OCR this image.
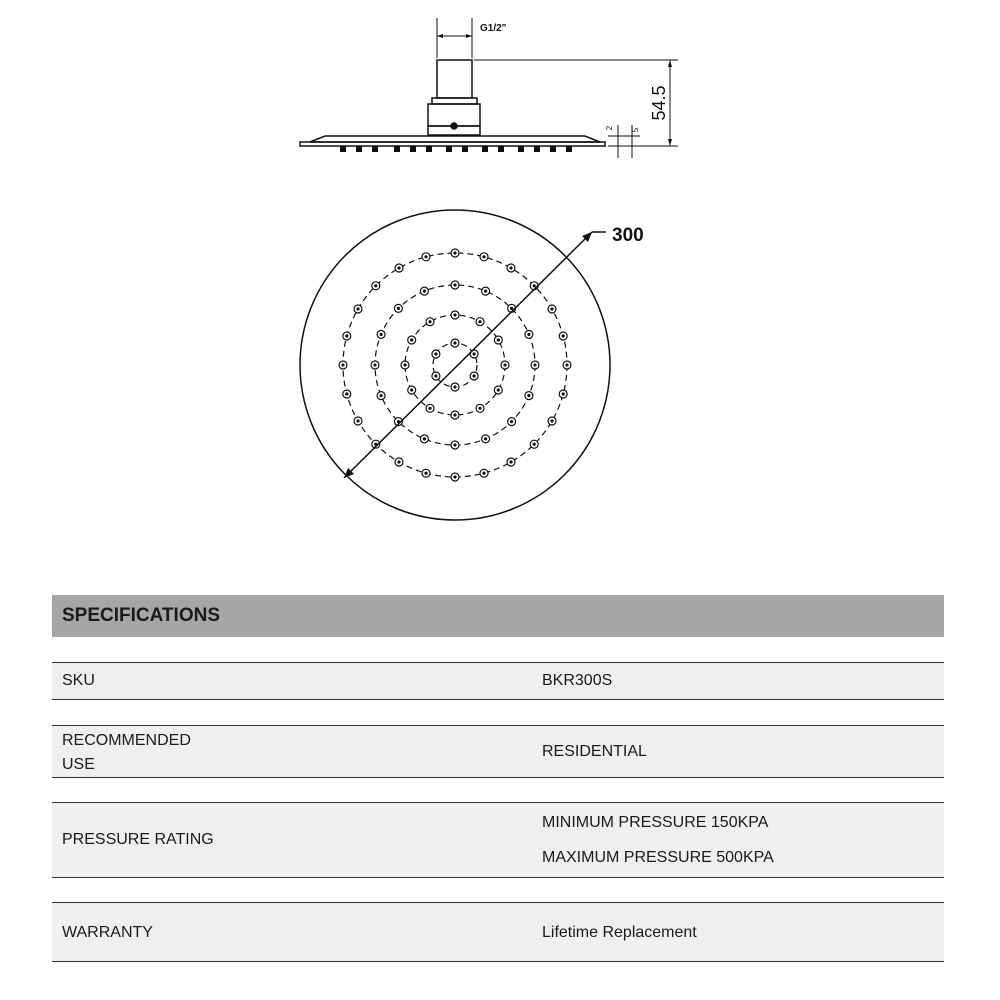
G1/2"
54.5
2 5
300
SPECIFICATIONS
SKU	BKR300S
RECOMMENDED
USE
RESIDENTIAL
PRESSURE RATING
MINIMUM PRESSURE 150KPA
MAXIMUM PRESSURE 500KPA
WARRANTY	Lifetime Replacement
